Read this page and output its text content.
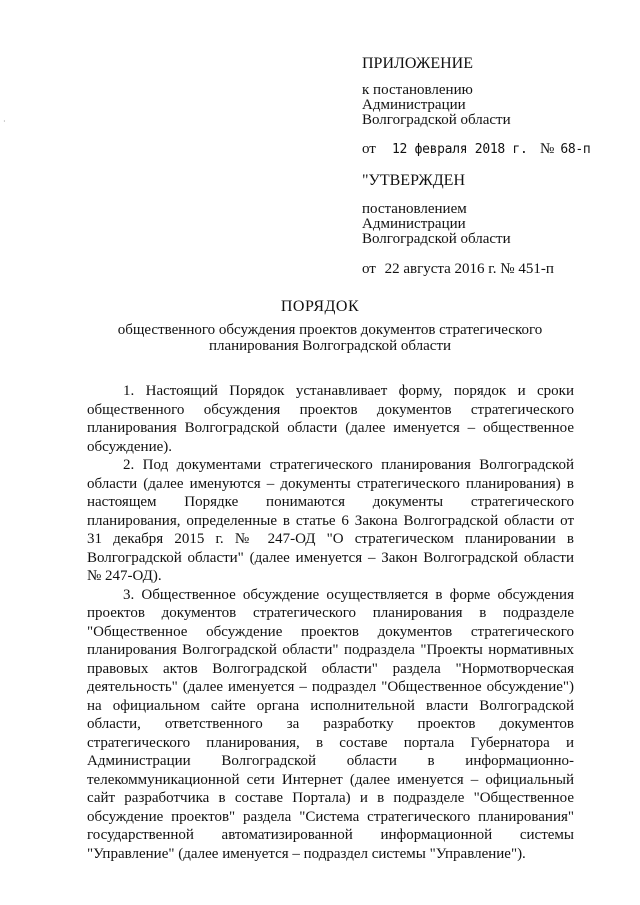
·
ПРИЛОЖЕНИЕ
к постановлению
Администрации
Волгоградской области
от	12 февраля 2018 г. № 68-п
"УТВЕРЖДЕН
постановлением
Администрации
Волгоградской области
от 22 августа 2016 г. № 451-п
ПОРЯДОК
общественного обсуждения проектов документов стратегического планирования Волгоградской области

1. Настоящий Порядок устанавливает форму, порядок и сроки общественного обсуждения проектов документов стратегического планирования Волгоградской области (далее именуется – общественное обсуждение).

2. Под документами стратегического планирования Волгоградской области (далее именуются – документы стратегического планирования) в настоящем Порядке понимаются документы стратегического планирования, определенные в статье 6 Закона Волгоградской области от 31 декабря 2015 г. № 247-ОД "О стратегическом планировании в Волгоградской области" (далее именуется – Закон Волгоградской области № 247-ОД).

3. Общественное обсуждение осуществляется в форме обсуждения проектов документов стратегического планирования в подразделе "Общественное обсуждение проектов документов стратегического планирования Волгоградской области" подраздела "Проекты нормативных правовых актов Волгоградской области" раздела "Нормотворческая деятельность" (далее именуется – подраздел "Общественное обсуждение") на официальном сайте органа исполнительной власти Волгоградской области, ответственного за разработку проектов документов стратегического планирования, в составе портала Губернатора и Администрации Волгоградской области в информационно-телекоммуникационной сети Интернет (далее именуется – официальный сайт разработчика в составе Портала) и в подразделе "Общественное обсуждение проектов" раздела "Система стратегического планирования" государственной автоматизированной информационной системы "Управление" (далее именуется – подраздел системы "Управление").
